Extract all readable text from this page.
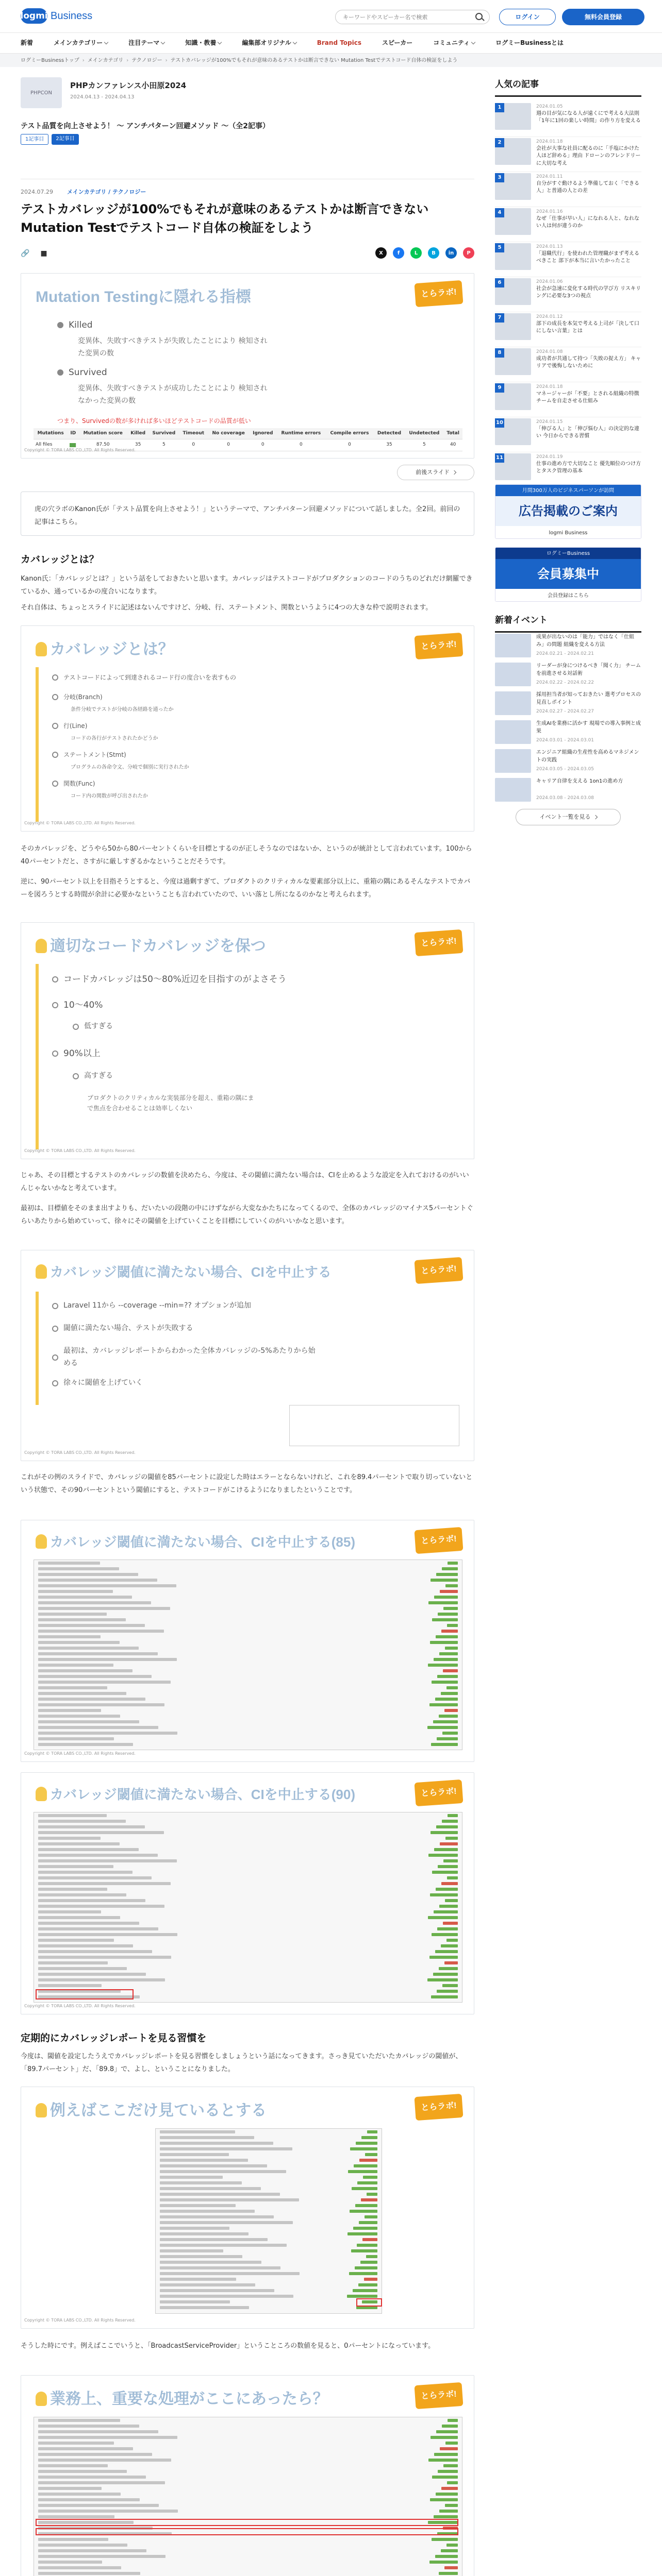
logmi Business
キーワードやスピーカー名で検索	ログイン	無料会員登録
新着	メインカテゴリー	注目テーマ	知識・教養	編集部オリジナル	Brand Topics	スピーカー	コミュニティ	ログミーBusinessとは
ログミーBusinessトップ › メインカテゴリ › テクノロジー › テストカバレッジが100%でもそれが意味のあるテストかは断言できない Mutation Testでテストコード自体の検証をしよう
PHPCON
PHPカンファレンス小田原2024
2024.04.13 - 2024.04.13
テスト品質を向上させよう！ 〜 アンチパターン回避メソッド 〜（全2記事）
1記事目	2記事目
2024.07.29 メインカテゴリ / テクノロジー
テストカバレッジが100%でもそれが意味のあるテストかは断言できない Mutation Testでテストコード自体の検証をしよう
🔗 ■	X	f	L	B	in	P
Mutation Testingに隠れる指標	とらラボ!
Killed
変異体、失敗すべきテストが失敗したことにより 検知された変異の数
Survived
変異体、失敗すべきテストが成功したことにより 検知されなかった変異の数
つまり、Survivedの数が多ければ多いほどテストコードの品質が低い
Mutations	ID	Mutation score	Killed	Survived	Timeout	No coverage	Ignored	Runtime errors	Compile errors	Detected	Undetected	Total
All files		87.50	35	5	0	0	0	0	0	35	5	40
Copyright © TORA LABS CO.,LTD. All Rights Reserved.
前後スライド

虎の穴ラボのKanon氏が「テスト品質を向上させよう！」というテーマで、アンチパターン回避メソッドについて話しました。全2回。前回の記事はこちら。

カバレッジとは？

Kanon氏：「カバレッジとは？」という話をしておきたいと思います。カバレッジはテストコードがプロダクションのコードのうちのどれだけ網羅できているか、通っているかの度合いになります。

それ自体は、ちょっとスライドに記述はないんですけど、分岐、行、ステートメント、関数というように4つの大きな枠で説明されます。

カバレッジとは？	とらラボ!
テストコードによって到達されるコード行の度合いを表すもの
分岐(Branch)
条件分岐でテストが分岐の各経路を通ったか
行(Line)
コードの各行がテストされたかどうか
ステートメント(Stmt)
プログラムの各命令文、分岐で個別に実行されたか
関数(Func)
コード内の関数が呼び出されたか
Copyright © TORA LABS CO.,LTD. All Rights Reserved.

そのカバレッジを、どうやら50から80パーセントくらいを目標とするのが正しそうなのではないか、というのが統計として言われています。100から40パーセントだと、さすがに厳しすぎるかなということだそうです。

逆に、90パーセント以上を目指そうとすると、今度は過剰すぎて、プロダクトのクリティカルな要素部分以上に、重箱の隅にあるそんなテストでカバーを図ろうとする時間が余計に必要かなということも言われていたので、いい落とし所になるのかなと考えられます。

適切なコードカバレッジを保つ	とらラボ!
コードカバレッジは50〜80%近辺を目指すのがよさそう
10〜40%
低すぎる
90%以上
高すぎる
プロダクトのクリティカルな実装部分を超え、重箱の隅にまで焦点を合わせることは効率しくない
Copyright © TORA LABS CO.,LTD. All Rights Reserved.

じゃあ、その目標とするテストのカバレッジの数値を決めたら、今度は、その閾値に満たない場合は、CIを止めるような設定を入れておけるのがいいんじゃないかなと考えています。

最初は、目標値をそのまま出すよりも、だいたいの段階の中にけずながら大変なかたちになってくるので、全体のカバレッジのマイナス5パーセントぐらいあたりから始めていって、徐々にその閾値を上げていくことを目標にしていくのがいいかなと思います。

カバレッジ閾値に満たない場合、CIを中止する	とらラボ!
Laravel 11から --coverage --min=?? オプションが追加
閾値に満たない場合、テストが失敗する
最初は、カバレッジレポートからわかった全体カバレッジの-5%あたりから始める
徐々に閾値を上げていく
Copyright © TORA LABS CO.,LTD. All Rights Reserved.

これがその例のスライドで、カバレッジの閾値を85パーセントに設定した時はエラーとならないけれど、これを89.4パーセントで取り切っていないという状態で、その90パーセントという閾値にすると、テストコードがこけるようになりましたということです。

カバレッジ閾値に満たない場合、CIを中止する(85)	とらラボ!
Copyright © TORA LABS CO.,LTD. All Rights Reserved.
カバレッジ閾値に満たない場合、CIを中止する(90)	とらラボ!
Copyright © TORA LABS CO.,LTD. All Rights Reserved.
定期的にカバレッジレポートを見る習慣を

今度は、閾値を設定したうえでカバレッジレポートを見る習慣をしましょうという話になってきます。さっき見ていただいたカバレッジの閾値が、「89.7パーセント」だ、「89.8」で、よし、ということになりました。

例えばここだけ見ているとする	とらラボ!
Copyright © TORA LABS CO.,LTD. All Rights Reserved.

そうした時にです。例えばここでいうと、「BroadcastServiceProvider」ということころの数値を見ると、0パーセントになっています。

業務上、重要な処理がここにあったら？	とらラボ!

人気の記事
1	2024.01.05
週の目が気になる人が遠くにで考える大法則 「1年に1回の楽しい時間」の作り方を変える
2	2024.01.18
会社が大事な社員に配るのに「手塩にかけた人ほど辞める」理由 ドローンのフレンドリーに大切な考え
3	2024.01.11
自分がすぐ動けるよう準備しておく「できる人」と普通の人との差
4	2024.01.16
なぜ「仕事が早い人」になれる人と、なれない人は何が違うのか
5	2024.01.13
「退職代行」を使われた管理職がまず考えるべきこと 部下が本当に言いたかったこと
6	2024.01.06
社会が急速に変化する時代の学び方 リスキリングに必要な3つの視点
7	2024.01.12
部下の成長を本気で考える上司が「決して口にしない言葉」とは
8	2024.01.08
成功者が共通して持つ「失敗の捉え方」 キャリアで後悔しないために
9	2024.01.18
マネージャーが「不要」とされる組織の特徴 チームを自走させる仕組み
10	2024.01.15
「伸びる人」と「伸び悩む人」の決定的な違い 今日からできる習慣
11	2024.01.19
仕事の進め方で大切なこと 優先順位のつけ方とタスク管理の基本
月間300万人のビジネスパーソンが訪問
広告掲載のご案内
logmi Business
ログミーBusiness
会員募集中
会員登録はこちら
新着イベント
成果が出ないのは「能力」ではなく「仕組み」の問題 組織を変える方法
2024.02.21 - 2024.02.21
リーダーが身につけるべき「聞く力」 チームを前進させる対話術
2024.02.22 - 2024.02.22
採用担当者が知っておきたい 選考プロセスの見直しポイント
2024.02.27 - 2024.02.27
生成AIを業務に活かす 現場での導入事例と成果
2024.03.01 - 2024.03.01
エンジニア組織の生産性を高めるマネジメントの実践
2024.03.05 - 2024.03.05
キャリア自律を支える 1on1の進め方
2024.03.08 - 2024.03.08
イベント一覧を見る
